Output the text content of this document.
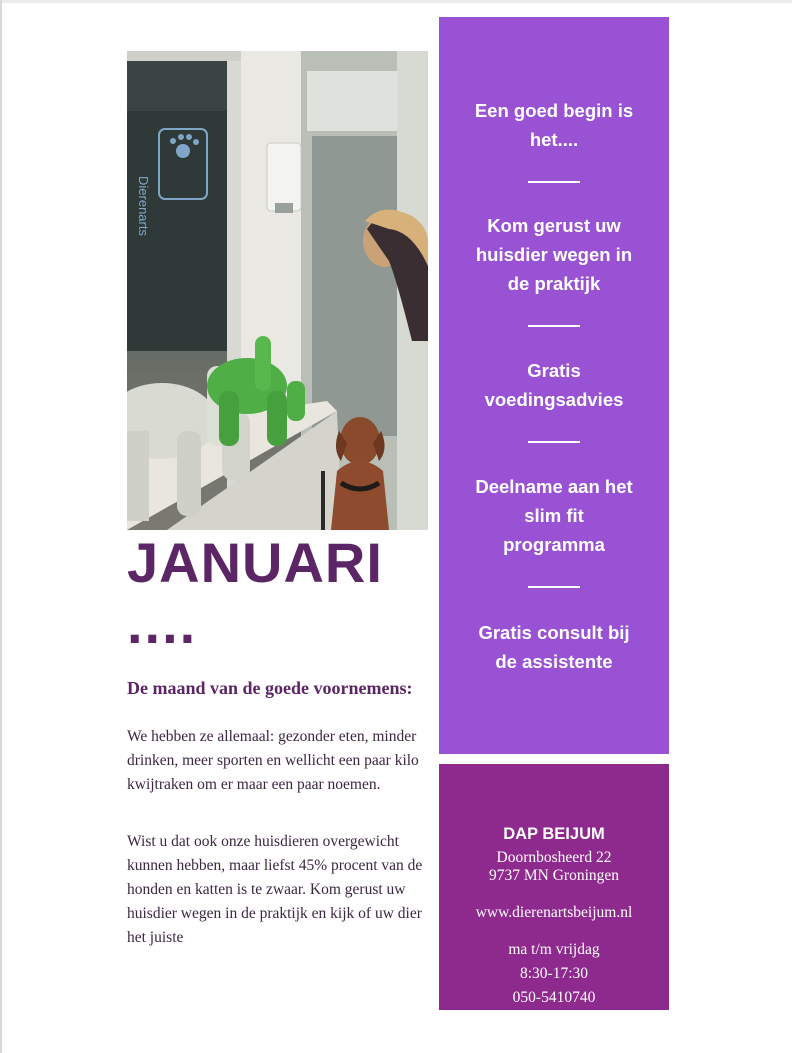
Dierenarts
JANUARI
....
De maand van de goede voornemens:
We hebben ze allemaal: gezonder eten, minder drinken, meer sporten en wellicht een paar kilo kwijtraken om er maar een paar noemen.
Wist u dat ook onze huisdieren overgewicht kunnen hebben, maar liefst 45% procent van de honden en katten is te zwaar. Kom gerust uw huisdier wegen in de praktijk en kijk of uw dier het juiste
Een goed begin is
het....
Kom gerust uw
huisdier wegen in
de praktijk
Gratis
voedingsadvies
Deelname aan het
slim fit
programma
Gratis consult bij
de assistente
DAP BEIJUM
Doornbosheerd 22
9737 MN Groningen
www.dierenartsbeijum.nl
ma t/m vrijdag
8:30-17:30
050-5410740
